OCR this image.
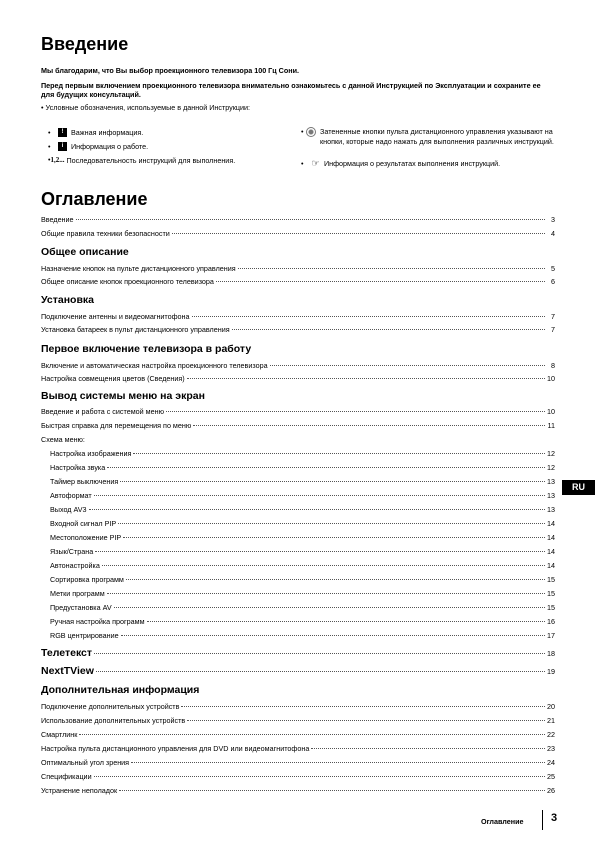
Введение
Мы благодарим, что Вы выбор проекционного телевизора 100 Гц Сони.
Перед первым включением проекционного телевизора внимательно ознакомьтесь с данной Инструкцией по Эксплуатации и сохраните ее для будущих консультаций.
• Условные обозначения, используемые в данной Инструкции:
•	!	Важная информация.
•	i	Информация о работе.
•1,2... Последовательность инструкций для выполнения.
•	Затененные кнопки пульта дистанционного управления указывают на кнопки, которые надо нажать для выполнения различных инструкций.
• ☞ Информация о результатах выполнения инструкций.
Оглавление
Введение	3
Общие правила техники безопасности	4
Общее описание
Назначение кнопок на пульте дистанционного управления	5
Общее описание кнопок проекционного телевизора	6
Установка
Подключение антенны и видеомагнитофона	7
Установка батареек в пульт дистанционного управления	7
Первое включение телевизора в работу
Включение и автоматическая настройка проекционного телевизора	8
Настройка совмещения цветов (Сведения)	10
Вывод системы меню на экран
Введение и работа с системой меню	10
Быстрая справка для перемещения по меню	11
Схема меню:
Настройка изображения	12
Настройка звука	12
Таймер выключения	13
Автоформат	13
Выход AV3	13
Входной сигнал PIP	14
Местоположение PIP	14
Язык/Страна	14
Автонастройка	14
Сортировка программ	15
Метки программ	15
Предустановка AV	15
Ручная настройка программ	16
RGB центрирование	17
Телетекст	18
NextTView	19
Дополнительная информация
Подключение дополнительных устройств	20
Использование дополнительных устройств	21
Смартлинк	22
Настройка пульта дистанционного управления для DVD или видеомагнитофона	23
Оптимальный угол зрения	24
Спецификации	25
Устранение неполадок	26
RU
Оглавление 3
